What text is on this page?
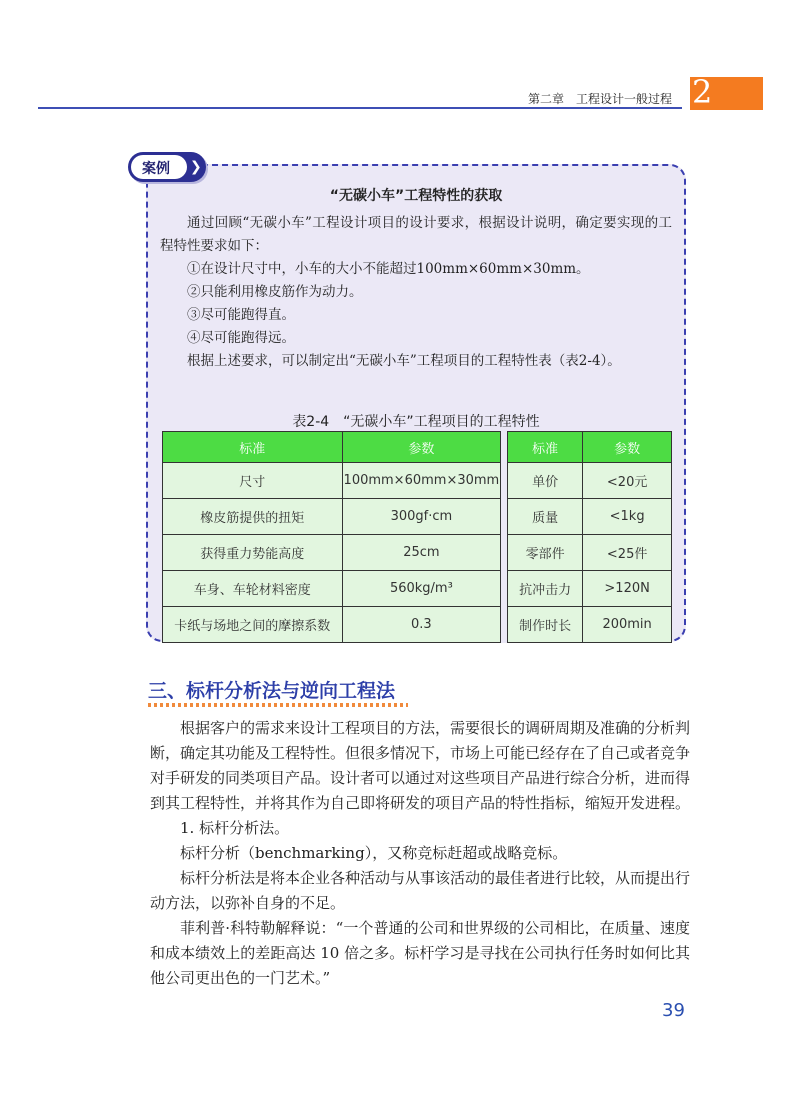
2
第二章　工程设计一般过程
案例 ❯
“无碳小车”工程特性的获取

通过回顾“无碳小车”工程设计项目的设计要求，根据设计说明，确定要实现的工程特性要求如下：

①在设计尺寸中，小车的大小不能超过100mm×60mm×30mm。

②只能利用橡皮筋作为动力。

③尽可能跑得直。

④尽可能跑得远。

根据上述要求，可以制定出“无碳小车”工程项目的工程特性表（表2-4）。

表2-4　“无碳小车”工程项目的工程特性
标准	参数		标准	参数
尺寸	100mm×60mm×30mm		单价	<20元
橡皮筋提供的扭矩	300gf·cm		质量	<1kg
获得重力势能高度	25cm		零部件	<25件
车身、车轮材料密度	560kg/m³		抗冲击力	>120N
卡纸与场地之间的摩擦系数	0.3		制作时长	200min
三、标杆分析法与逆向工程法

根据客户的需求来设计工程项目的方法，需要很长的调研周期及准确的分析判断，确定其功能及工程特性。但很多情况下，市场上可能已经存在了自己或者竞争对手研发的同类项目产品。设计者可以通过对这些项目产品进行综合分析，进而得到其工程特性，并将其作为自己即将研发的项目产品的特性指标，缩短开发进程。

1. 标杆分析法。

标杆分析（benchmarking），又称竞标赶超或战略竞标。

标杆分析法是将本企业各种活动与从事该活动的最佳者进行比较，从而提出行动方法，以弥补自身的不足。

菲利普·科特勒解释说：“一个普通的公司和世界级的公司相比，在质量、速度和成本绩效上的差距高达 10 倍之多。标杆学习是寻找在公司执行任务时如何比其他公司更出色的一门艺术。”

39
